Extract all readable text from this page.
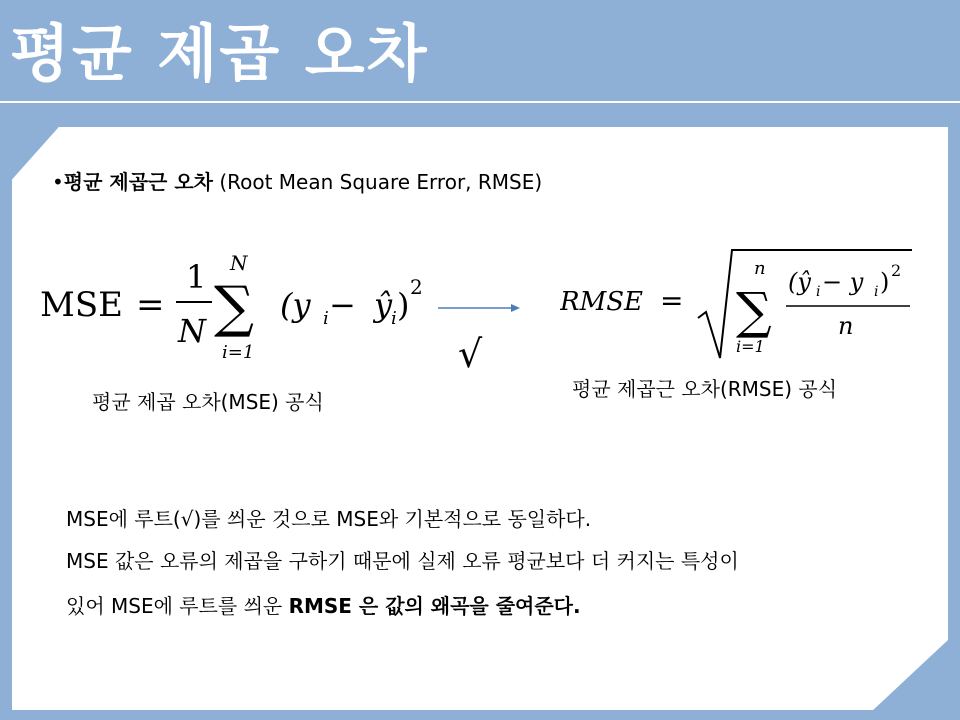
평균 제곱 오차
•평균 제곱근 오차 (Root Mean Square Error, RMSE)
MSE =
1
N
N
∑
i=1
(y i − ŷ
i ) 2
√
RMSE =
n
∑
i=1
(ŷ i − y i ) 2
n
평균 제곱 오차(MSE) 공식
평균 제곱근 오차(RMSE) 공식
MSE에 루트(√)를 씌운 것으로 MSE와 기본적으로 동일하다.
MSE 값은 오류의 제곱을 구하기 때문에 실제 오류 평균보다 더 커지는 특성이
있어 MSE에 루트를 씌운 RMSE 은 값의 왜곡을 줄여준다.
